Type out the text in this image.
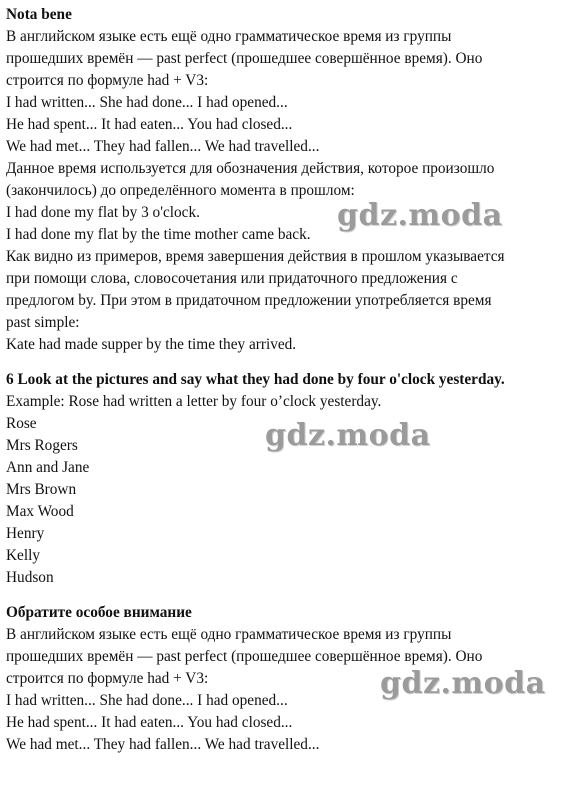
Nota bene
В английском языке есть ещё одно грамматическое время из группы
прошедших времён — past perfect (прошедшее совершённое время). Оно
строится по формуле had + V3:
I had written... She had done... I had opened...
He had spent... It had eaten... You had closed...
We had met... They had fallen... We had travelled...
Данное время используется для обозначения действия, которое произошло
(закончилось) до определённого момента в прошлом:
I had done my flat by 3 o'clock.
I had done my flat by the time mother came back.
Как видно из примеров, время завершения действия в прошлом указывается
при помощи слова, словосочетания или придаточного предложения с
предлогом by. При этом в придаточном предложении употребляется время
past simple:
Kate had made supper by the time they arrived.
6 Look at the pictures and say what they had done by four o'clock yesterday.
Example: Rose had written a letter by four o’clock yesterday.
Rose
Mrs Rogers
Ann and Jane
Mrs Brown
Max Wood
Henry
Kelly
Hudson
Обратите особое внимание
В английском языке есть ещё одно грамматическое время из группы
прошедших времён — past perfect (прошедшее совершённое время). Оно
строится по формуле had + V3:
I had written... She had done... I had opened...
He had spent... It had eaten... You had closed...
We had met... They had fallen... We had travelled...
gdz.moda
gdz.moda
gdz.moda
